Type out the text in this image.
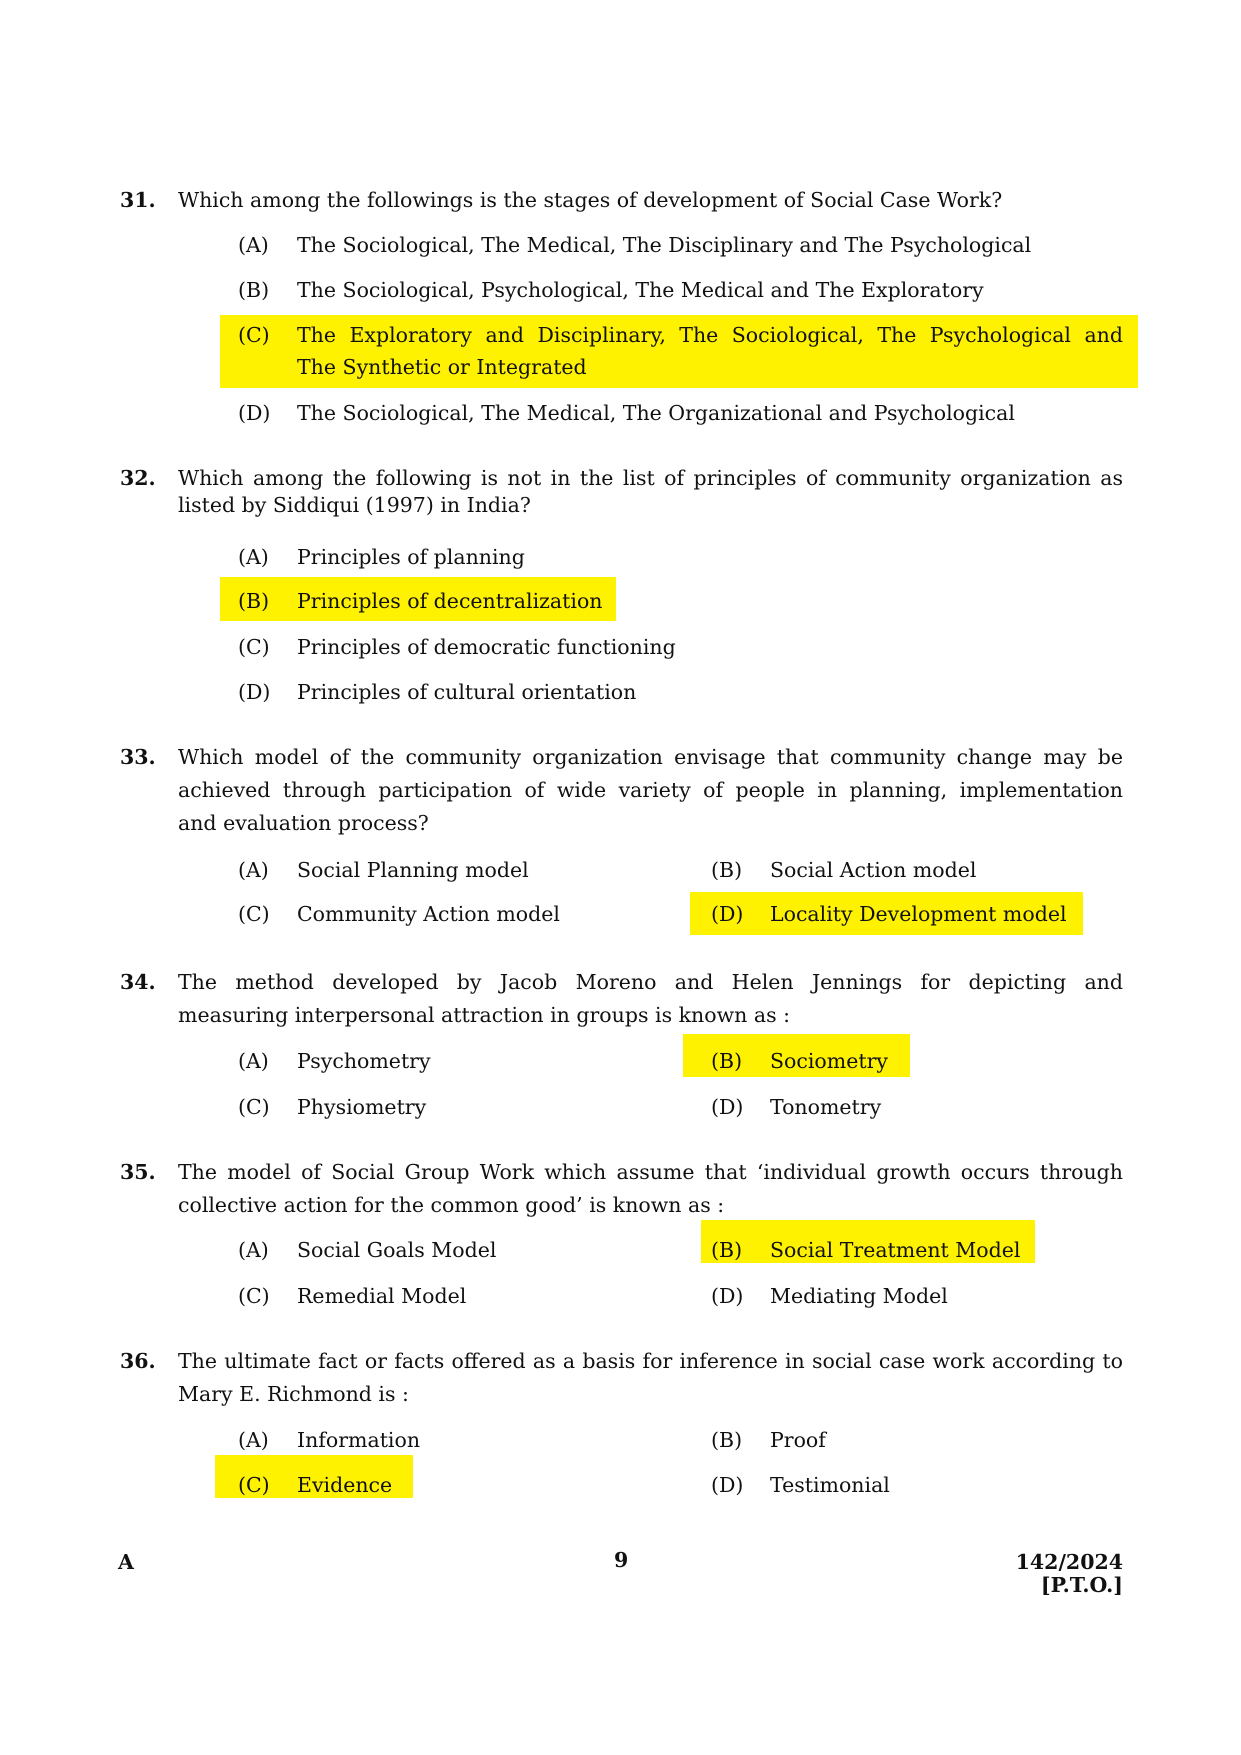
31. Which among the followings is the stages of development of Social Case Work?
(A) The Sociological, The Medical, The Disciplinary and The Psychological
(B) The Sociological, Psychological, The Medical and The Exploratory
(C) The Exploratory and Disciplinary, The Sociological, The Psychological and
The Synthetic or Integrated
(D) The Sociological, The Medical, The Organizational and Psychological
32. Which among the following is not in the list of principles of community organization as
listed by Siddiqui (1997) in India?
(A) Principles of planning
(B) Principles of decentralization
(C) Principles of democratic functioning
(D) Principles of cultural orientation
33. Which model of the community organization envisage that community change may be
achieved through participation of wide variety of people in planning, implementation
and evaluation process?
(A) Social Planning model	(B) Social Action model
(C) Community Action model	(D) Locality Development model
34. The method developed by Jacob Moreno and Helen Jennings for depicting and
measuring interpersonal attraction in groups is known as :
(A) Psychometry	(B) Sociometry
(C) Physiometry	(D) Tonometry
35. The model of Social Group Work which assume that ‘individual growth occurs through
collective action for the common good’ is known as :
(A) Social Goals Model	(B) Social Treatment Model
(C) Remedial Model	(D) Mediating Model
36. The ultimate fact or facts offered as a basis for inference in social case work according to
Mary E. Richmond is :
(A) Information	(B) Proof
(C) Evidence	(D) Testimonial
A	9	142/2024
[P.T.O.]
